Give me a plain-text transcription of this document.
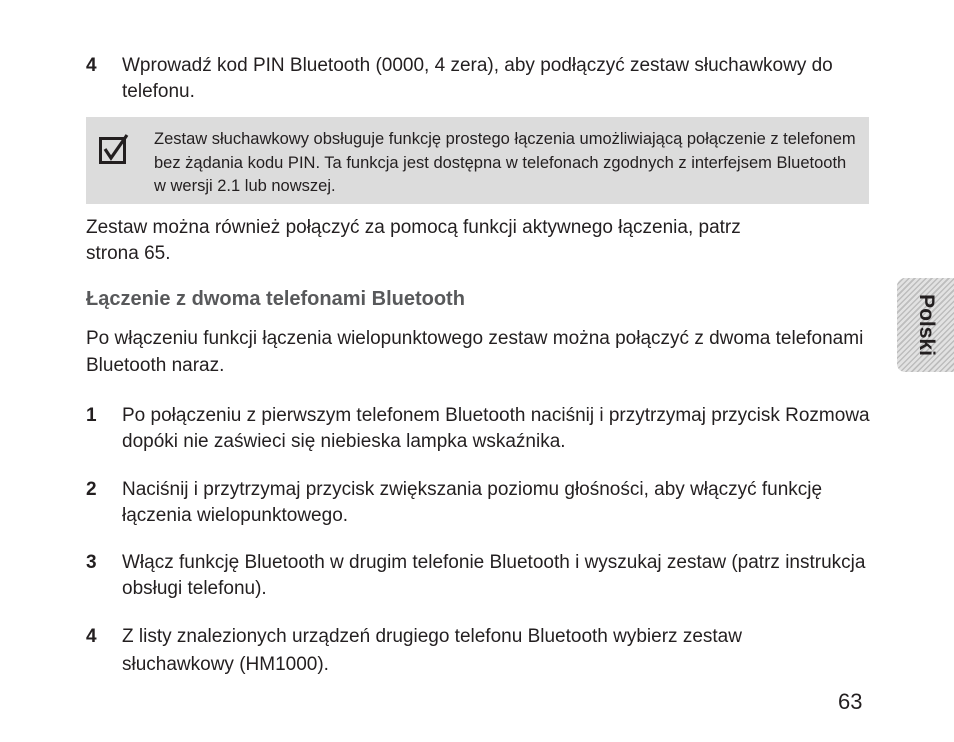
4 Wprowadź kod PIN Bluetooth (0000, 4 zera), aby podłączyć zestaw słuchawkowy do telefonu.
Zestaw słuchawkowy obsługuje funkcję prostego łączenia umożliwiającą połączenie z telefonem bez żądania kodu PIN. Ta funkcja jest dostępna w telefonach zgodnych z interfejsem Bluetooth w wersji 2.1 lub nowszej.
Zestaw można również połączyć za pomocą funkcji aktywnego łączenia, patrz strona 65.
Łączenie z dwoma telefonami Bluetooth
Po włączeniu funkcji łączenia wielopunktowego zestaw można połączyć z dwoma telefonami Bluetooth naraz.
1 Po połączeniu z pierwszym telefonem Bluetooth naciśnij i przytrzymaj przycisk Rozmowa dopóki nie zaświeci się niebieska lampka wskaźnika.
2 Naciśnij i przytrzymaj przycisk zwiększania poziomu głośności, aby włączyć funkcję łączenia wielopunktowego.
3 Włącz funkcję Bluetooth w drugim telefonie Bluetooth i wyszukaj zestaw (patrz instrukcja obsługi telefonu).
4 Z listy znalezionych urządzeń drugiego telefonu Bluetooth wybierz zestaw słuchawkowy (HM1000).
Polski
63
